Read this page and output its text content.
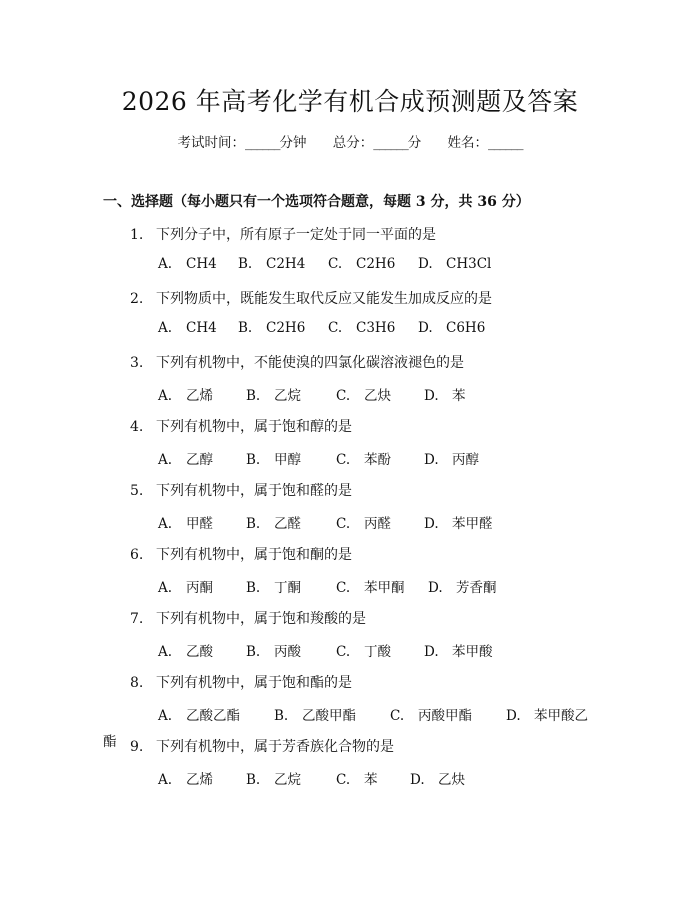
2026 年高考化学有机合成预测题及答案
考试时间：______分钟 总分：______分 姓名：______
一、选择题（每小题只有一个选项符合题意，每题 3 分，共 36 分）
1. 下列分子中，所有原子一定处于同一平面的是
A. CH4 B. C2H4 C. C2H6 D. CH3Cl
2. 下列物质中，既能发生取代反应又能发生加成反应的是
A. CH4 B. C2H6 C. C3H6 D. C6H6
3. 下列有机物中，不能使溴的四氯化碳溶液褪色的是
A. 乙烯 B. 乙烷	C. 乙炔 D. 苯
4. 下列有机物中，属于饱和醇的是
A. 乙醇 B. 甲醇	C. 苯酚 D. 丙醇
5. 下列有机物中，属于饱和醛的是
A. 甲醛 B. 乙醛	C. 丙醛 D. 苯甲醛
6. 下列有机物中，属于饱和酮的是
A. 丙酮 B. 丁酮	C. 苯甲酮 D. 芳香酮
7. 下列有机物中，属于饱和羧酸的是
A. 乙酸 B. 丙酸	C. 丁酸 D. 苯甲酸
8. 下列有机物中，属于饱和酯的是
A. 乙酸乙酯	B. 乙酸甲酯	C. 丙酸甲酯	D. 苯甲酸乙
酯 9. 下列有机物中，属于芳香族化合物的是
A. 乙烯 B. 乙烷	C. 苯 D. 乙炔
